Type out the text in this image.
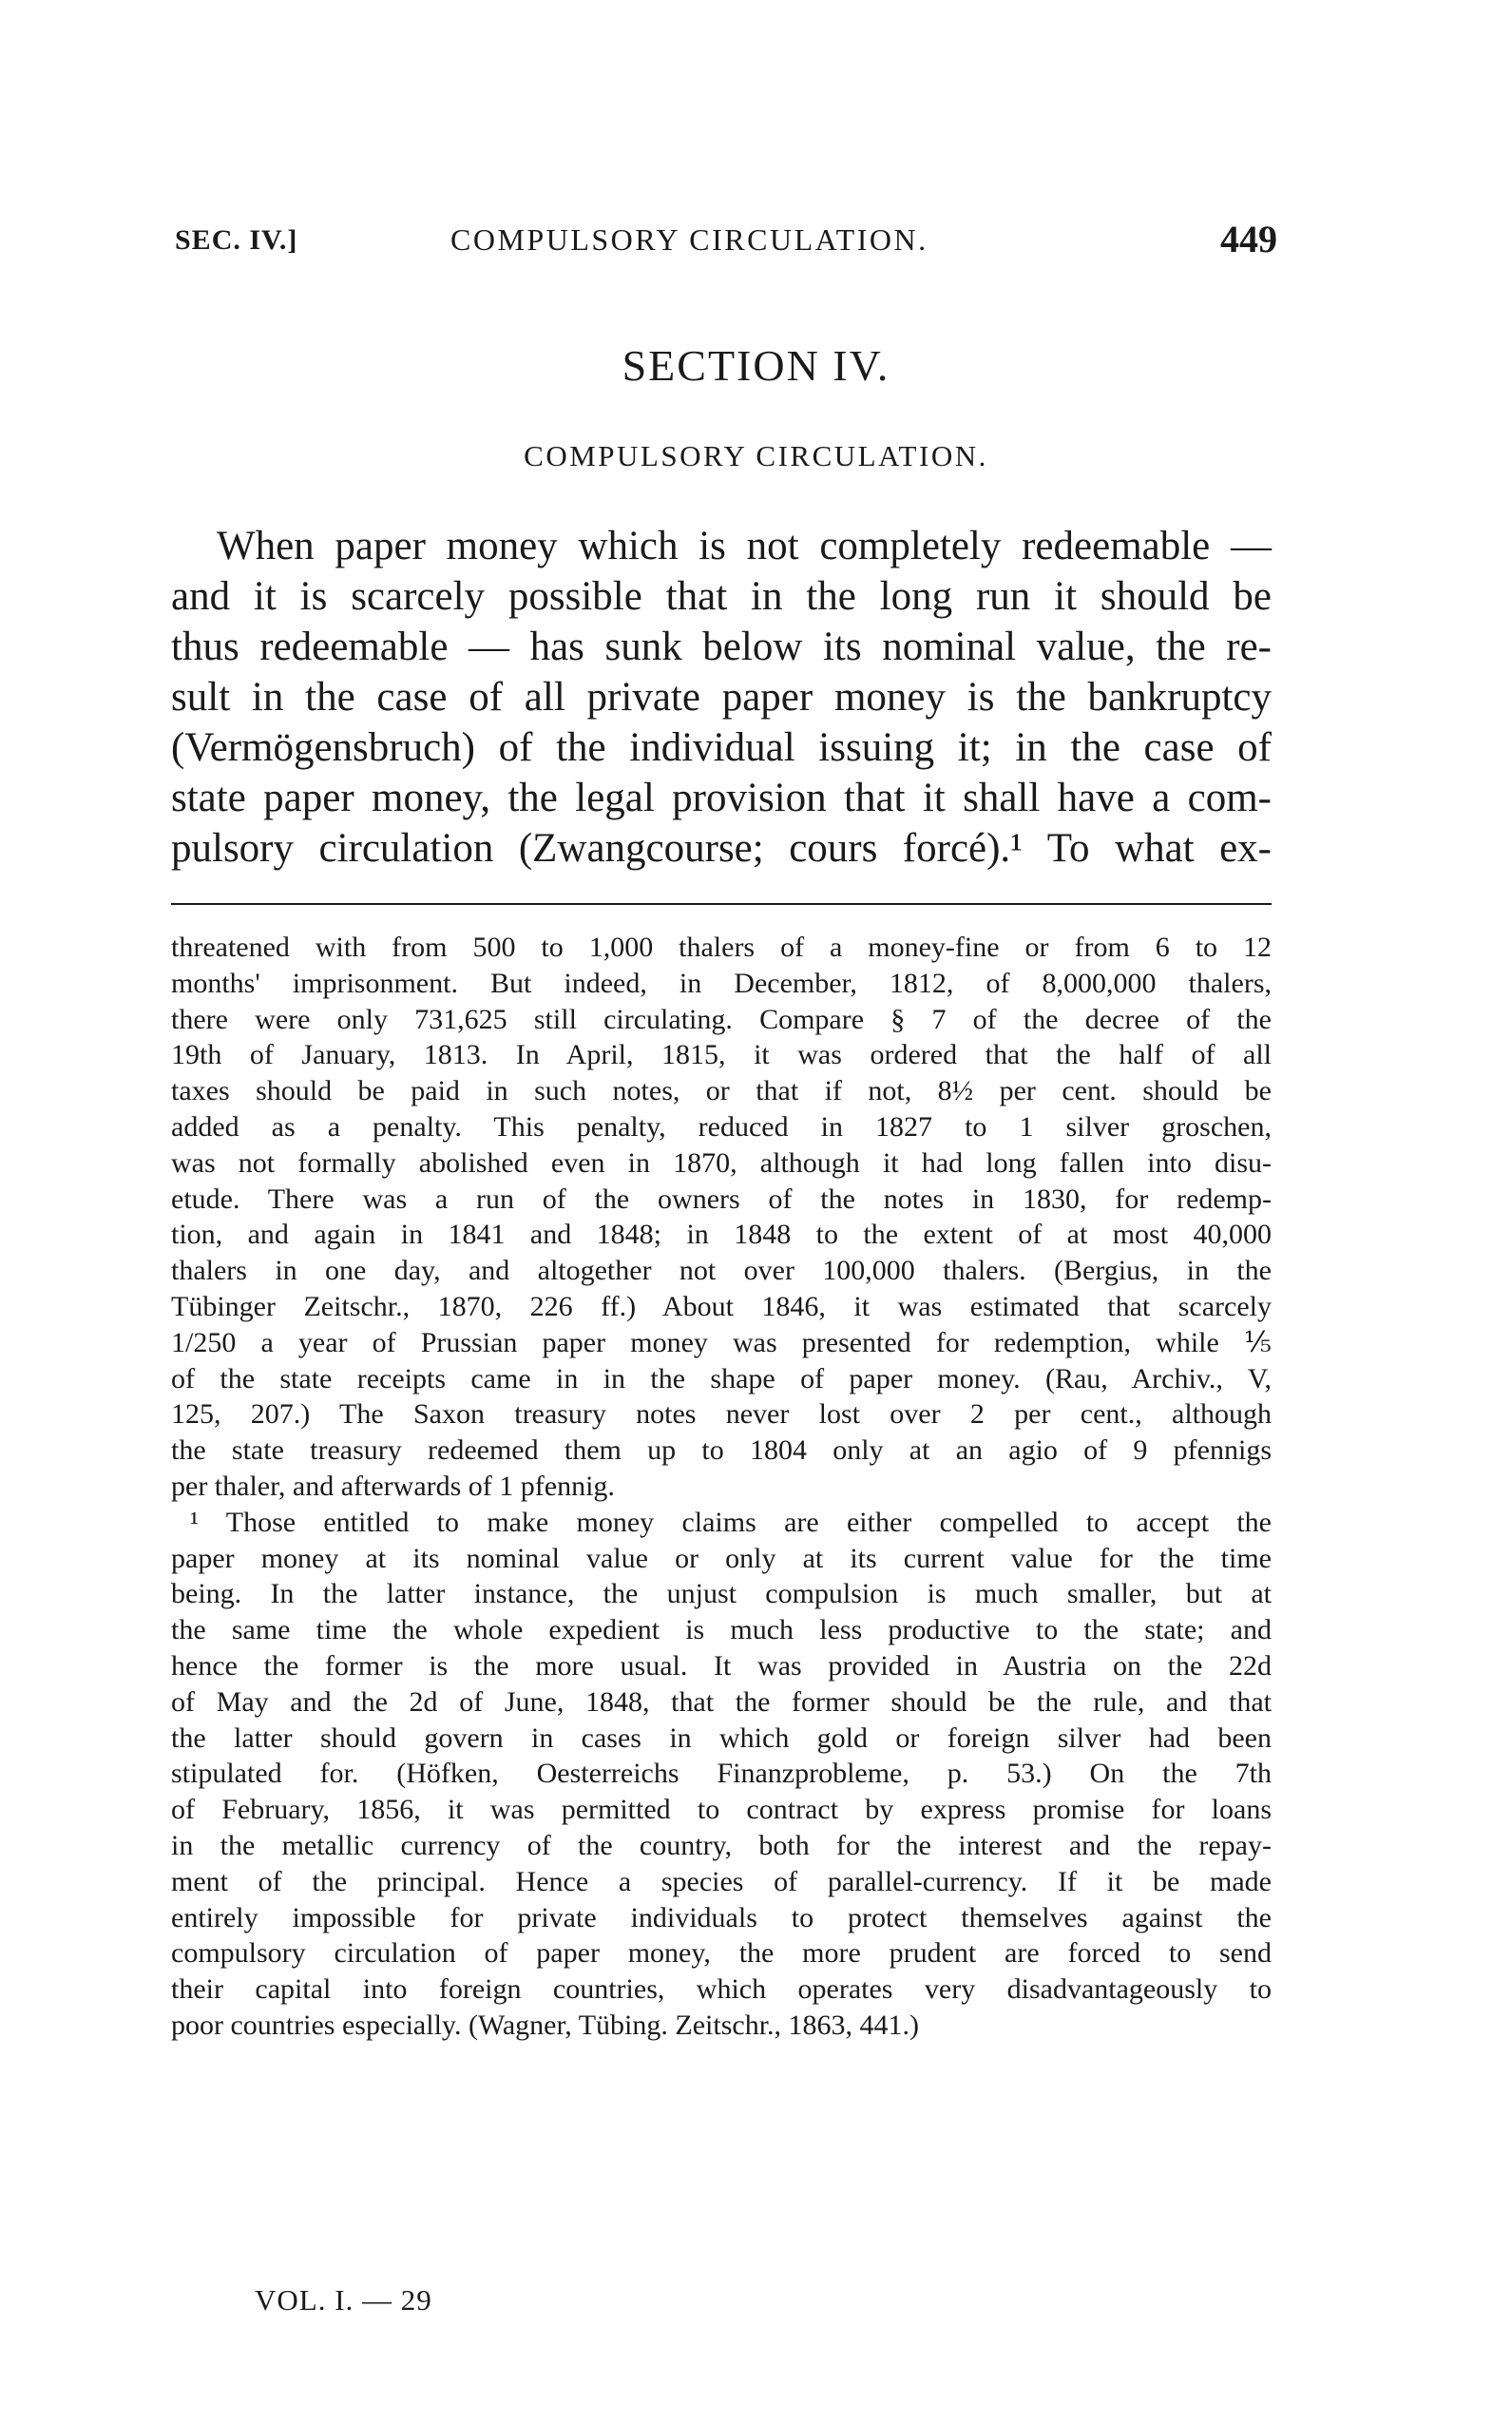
SEC. IV.]	COMPULSORY CIRCULATION.	449
SECTION IV.
COMPULSORY CIRCULATION.
When paper money which is not completely redeemable —
and it is scarcely possible that in the long run it should be
thus redeemable — has sunk below its nominal value, the re-
sult in the case of all private paper money is the bankruptcy
(Vermögensbruch) of the individual issuing it; in the case of
state paper money, the legal provision that it shall have a com-
pulsory circulation (Zwangcourse; cours forcé).¹ To what ex-
threatened with from 500 to 1,000 thalers of a money-fine or from 6 to 12
months' imprisonment. But indeed, in December, 1812, of 8,000,000 thalers,
there were only 731,625 still circulating. Compare § 7 of the decree of the
19th of January, 1813. In April, 1815, it was ordered that the half of all
taxes should be paid in such notes, or that if not, 8½ per cent. should be
added as a penalty. This penalty, reduced in 1827 to 1 silver groschen,
was not formally abolished even in 1870, although it had long fallen into disu-
etude. There was a run of the owners of the notes in 1830, for redemp-
tion, and again in 1841 and 1848; in 1848 to the extent of at most 40,000
thalers in one day, and altogether not over 100,000 thalers. (Bergius, in the
Tübinger Zeitschr., 1870, 226 ff.) About 1846, it was estimated that scarcely
1/250 a year of Prussian paper money was presented for redemption, while ⅕
of the state receipts came in in the shape of paper money. (Rau, Archiv., V,
125, 207.) The Saxon treasury notes never lost over 2 per cent., although
the state treasury redeemed them up to 1804 only at an agio of 9 pfennigs
per thaler, and afterwards of 1 pfennig.
¹ Those entitled to make money claims are either compelled to accept the
paper money at its nominal value or only at its current value for the time
being. In the latter instance, the unjust compulsion is much smaller, but at
the same time the whole expedient is much less productive to the state; and
hence the former is the more usual. It was provided in Austria on the 22d
of May and the 2d of June, 1848, that the former should be the rule, and that
the latter should govern in cases in which gold or foreign silver had been
stipulated for. (Höfken, Oesterreichs Finanzprobleme, p. 53.) On the 7th
of February, 1856, it was permitted to contract by express promise for loans
in the metallic currency of the country, both for the interest and the repay-
ment of the principal. Hence a species of parallel-currency. If it be made
entirely impossible for private individuals to protect themselves against the
compulsory circulation of paper money, the more prudent are forced to send
their capital into foreign countries, which operates very disadvantageously to
poor countries especially. (Wagner, Tübing. Zeitschr., 1863, 441.)
VOL. I. — 29
